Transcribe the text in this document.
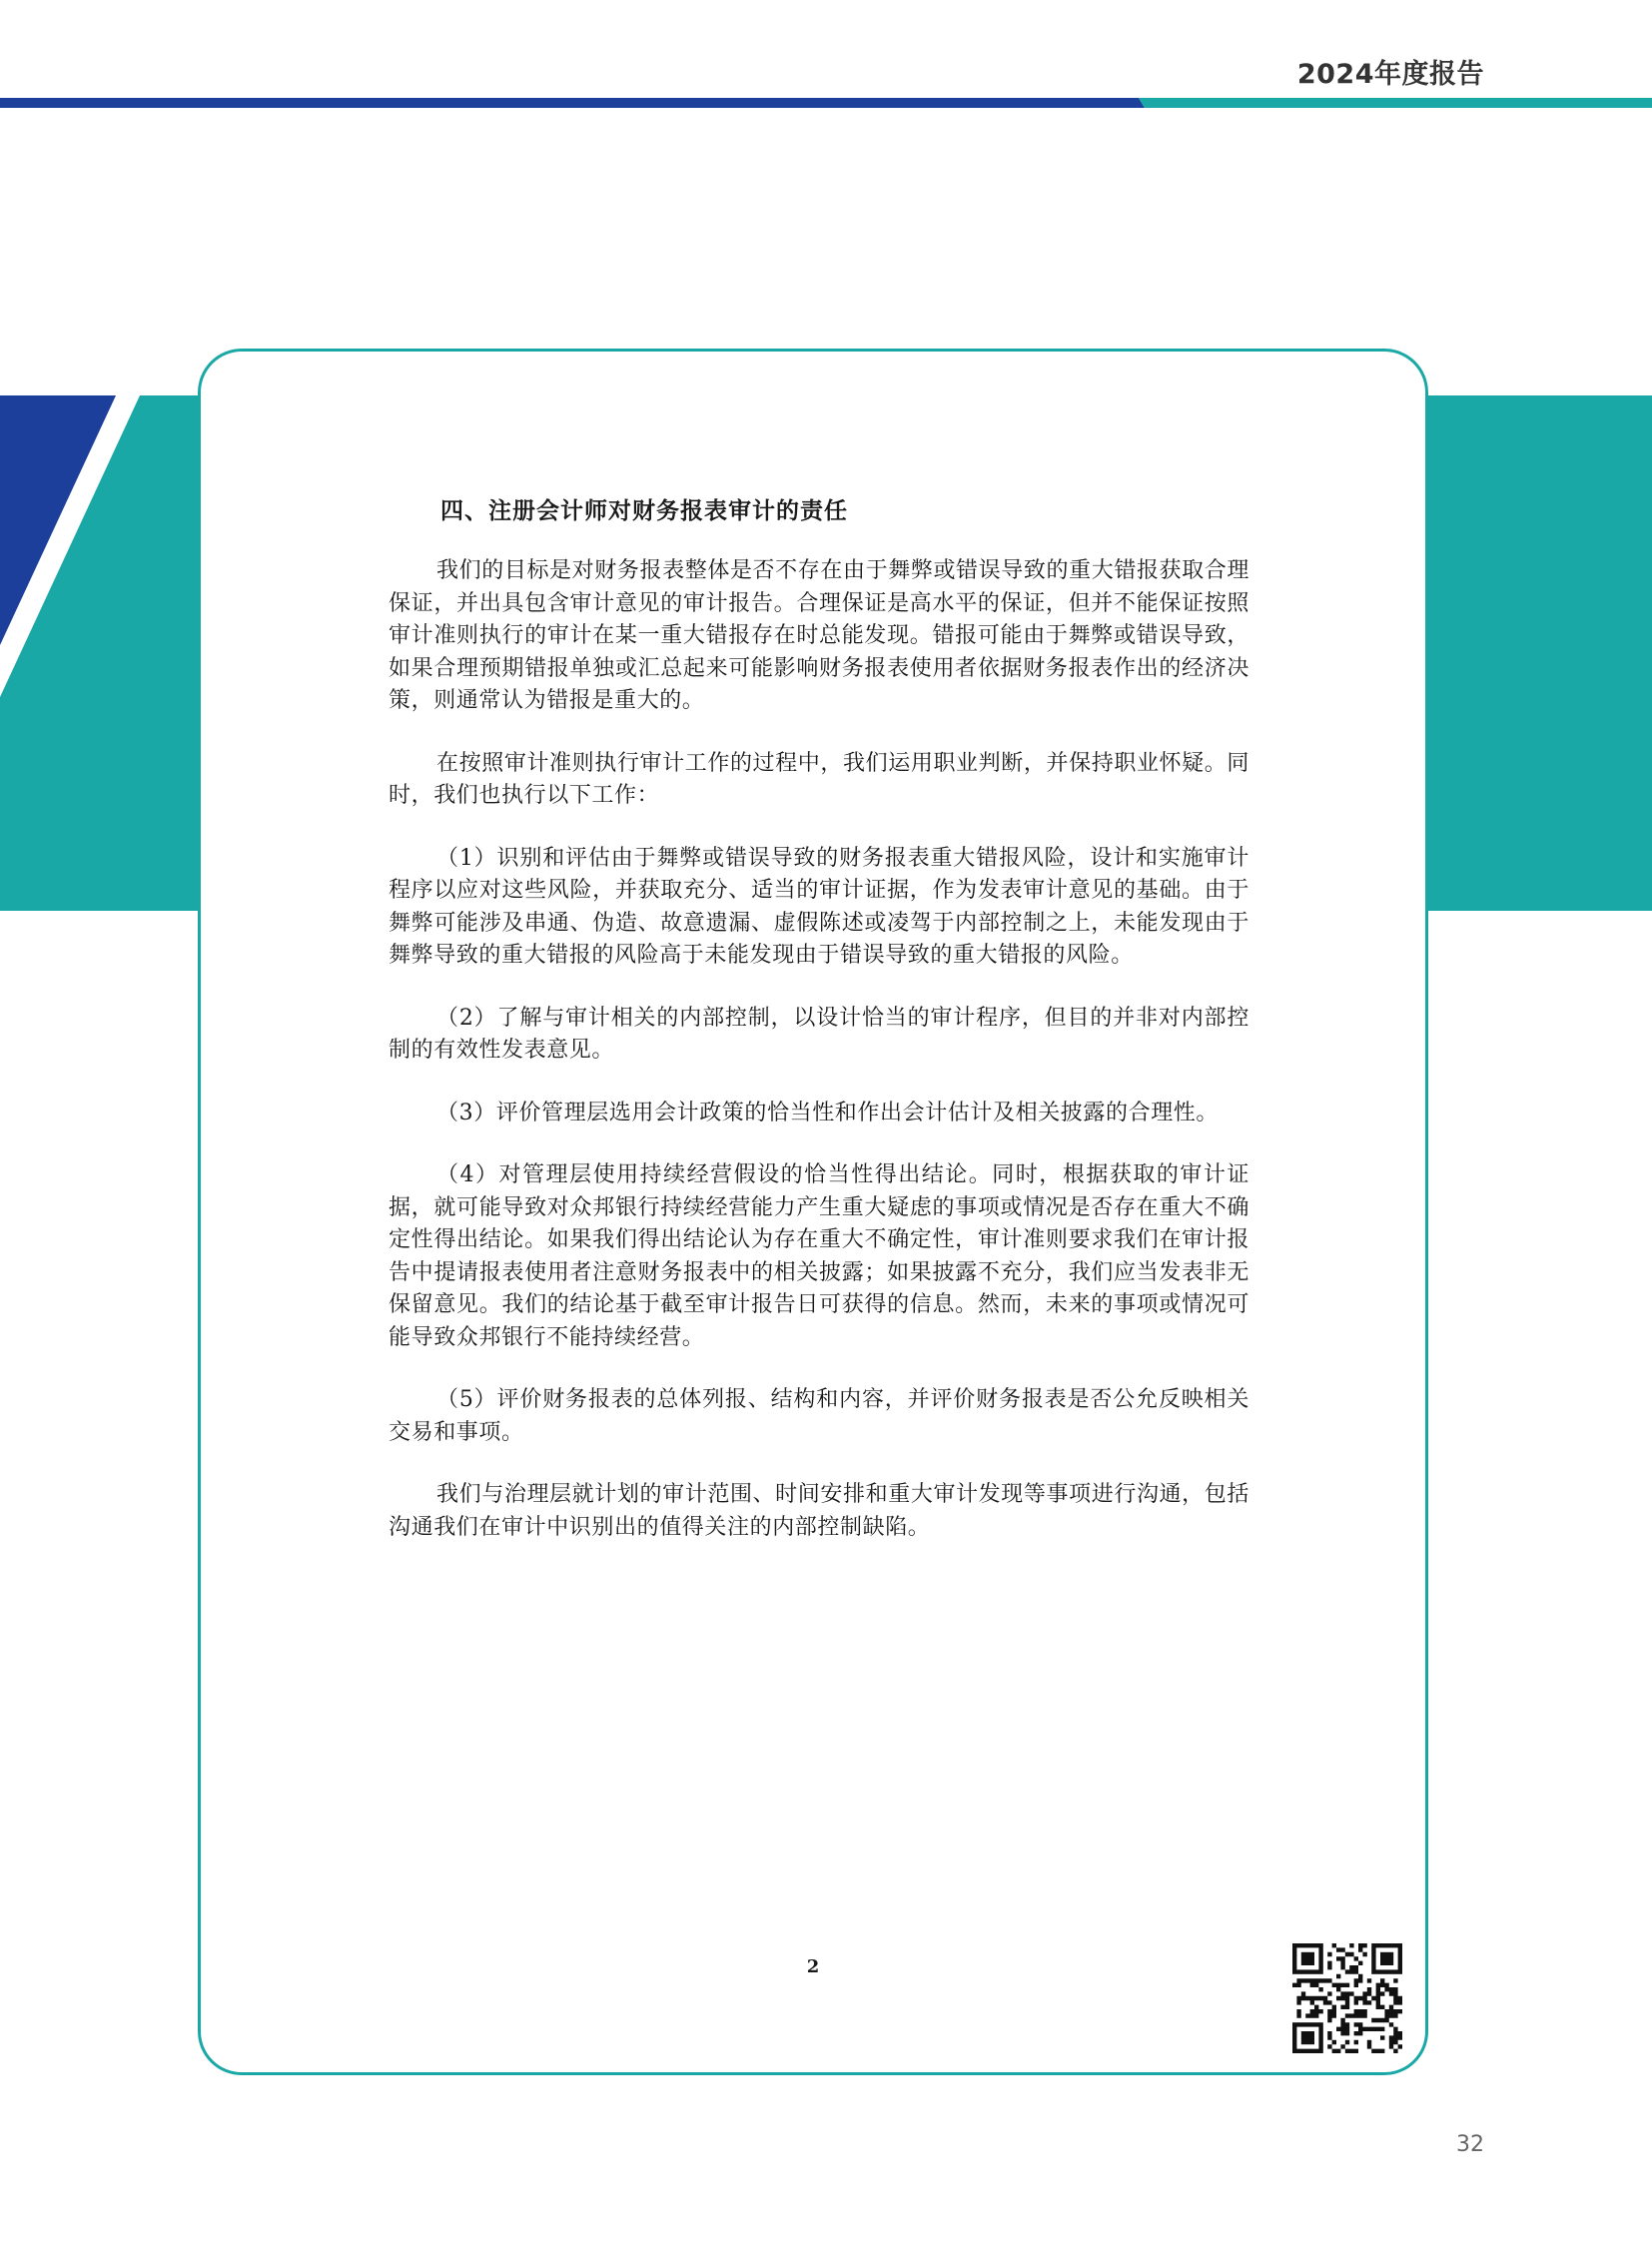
2024年度报告
四、注册会计师对财务报表审计的责任

我们的目标是对财务报表整体是否不存在由于舞弊或错误导致的重大错报获取合理保证，并出具包含审计意见的审计报告。合理保证是高水平的保证，但并不能保证按照审计准则执行的审计在某一重大错报存在时总能发现。错报可能由于舞弊或错误导致，如果合理预期错报单独或汇总起来可能影响财务报表使用者依据财务报表作出的经济决策，则通常认为错报是重大的。

在按照审计准则执行审计工作的过程中，我们运用职业判断，并保持职业怀疑。同时，我们也执行以下工作：

（1）识别和评估由于舞弊或错误导致的财务报表重大错报风险，设计和实施审计程序以应对这些风险，并获取充分、适当的审计证据，作为发表审计意见的基础。由于舞弊可能涉及串通、伪造、故意遗漏、虚假陈述或凌驾于内部控制之上，未能发现由于舞弊导致的重大错报的风险高于未能发现由于错误导致的重大错报的风险。

（2）了解与审计相关的内部控制，以设计恰当的审计程序，但目的并非对内部控制的有效性发表意见。

（3）评价管理层选用会计政策的恰当性和作出会计估计及相关披露的合理性。

（4）对管理层使用持续经营假设的恰当性得出结论。同时，根据获取的审计证据，就可能导致对众邦银行持续经营能力产生重大疑虑的事项或情况是否存在重大不确定性得出结论。如果我们得出结论认为存在重大不确定性，审计准则要求我们在审计报告中提请报表使用者注意财务报表中的相关披露；如果披露不充分，我们应当发表非无保留意见。我们的结论基于截至审计报告日可获得的信息。然而，未来的事项或情况可能导致众邦银行不能持续经营。

（5）评价财务报表的总体列报、结构和内容，并评价财务报表是否公允反映相关交易和事项。

我们与治理层就计划的审计范围、时间安排和重大审计发现等事项进行沟通，包括沟通我们在审计中识别出的值得关注的内部控制缺陷。

2
32
